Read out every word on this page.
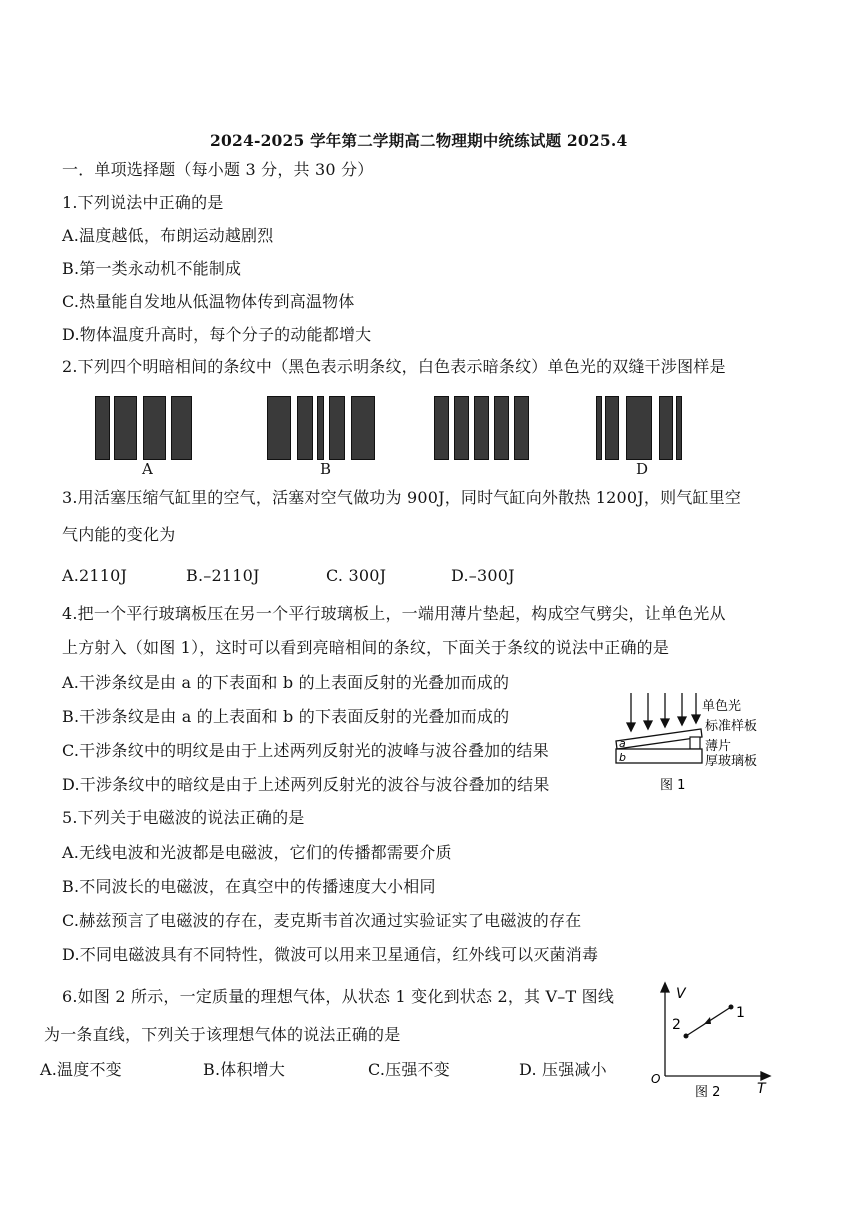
2024-2025 学年第二学期高二物理期中统练试题 2025.4
一．单项选择题（每小题 3 分，共 30 分）
1.下列说法中正确的是
A.温度越低，布朗运动越剧烈
B.第一类永动机不能制成
C.热量能自发地从低温物体传到高温物体
D.物体温度升高时，每个分子的动能都增大
2.下列四个明暗相间的条纹中（黑色表示明条纹，白色表示暗条纹）单色光的双缝干涉图样是
A	B	D
3.用活塞压缩气缸里的空气，活塞对空气做功为 900J，同时气缸向外散热 1200J，则气缸里空
气内能的变化为
A.2110J	B.–2110J	C. 300J	D.–300J
4.把一个平行玻璃板压在另一个平行玻璃板上，一端用薄片垫起，构成空气劈尖，让单色光从
上方射入（如图 1），这时可以看到亮暗相间的条纹，下面关于条纹的说法中正确的是
A.干涉条纹是由 a 的下表面和 b 的上表面反射的光叠加而成的
B.干涉条纹是由 a 的上表面和 b 的下表面反射的光叠加而成的
C.干涉条纹中的明纹是由于上述两列反射光的波峰与波谷叠加的结果
D.干涉条纹中的暗纹是由于上述两列反射光的波谷与波谷叠加的结果
a
b
单色光
标准样板
薄片
厚玻璃板
图 1
5.下列关于电磁波的说法正确的是
A.无线电波和光波都是电磁波，它们的传播都需要介质
B.不同波长的电磁波，在真空中的传播速度大小相同
C.赫兹预言了电磁波的存在，麦克斯韦首次通过实验证实了电磁波的存在
D.不同电磁波具有不同特性，微波可以用来卫星通信，红外线可以灭菌消毒
6.如图 2 所示，一定质量的理想气体，从状态 1 变化到状态 2，其 V–T 图线
为一条直线，下列关于该理想气体的说法正确的是
A.温度不变	B.体积增大	C.压强不变	D. 压强减小
V
T
O
1
2
图 2
